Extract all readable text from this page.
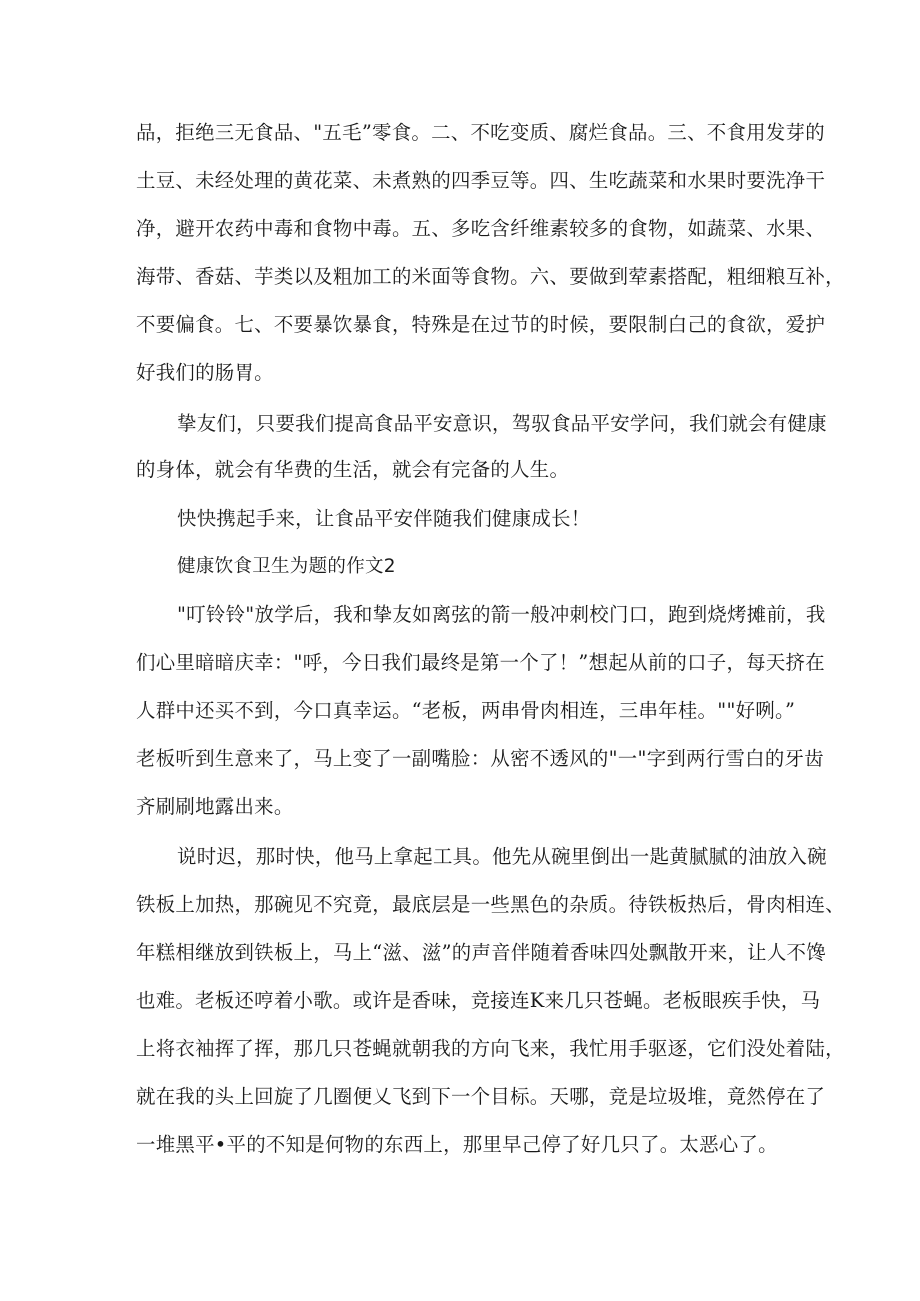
品，拒绝三无食品、"五毛”零食。二、不吃变质、腐烂食品。三、不食用发芽的
土豆、未经处理的黄花菜、未煮熟的四季豆等。四、生吃蔬菜和水果时要洗净干
净，避开农药中毒和食物中毒。五、多吃含纤维素较多的食物，如蔬菜、水果、
海带、香菇、芋类以及粗加工的米面等食物。六、要做到荤素搭配，粗细粮互补，
不要偏食。七、不要暴饮暴食，特殊是在过节的时候，要限制白己的食欲，爱护
好我们的肠胃。
挚友们，只要我们提高食品平安意识，驾驭食品平安学问，我们就会有健康
的身体，就会有华费的生活，就会有完备的人生。
快快携起手来，让食品平安伴随我们健康成长！
健康饮食卫生为题的作文2
"叮铃铃"放学后，我和挚友如离弦的箭一般冲刺校门口，跑到烧烤摊前，我
们心里暗暗庆幸："呼，今日我们最终是第一个了！”想起从前的口子，每天挤在
人群中还买不到，今口真幸运。“老板，两串骨肉相连，三串年桂。""好咧。”
老板听到生意来了，马上变了一副嘴脸：从密不透风的"一"字到两行雪白的牙齿
齐刷刷地露出来。
说时迟，那时快，他马上拿起工具。他先从碗里倒出一匙黄腻腻的油放入碗
铁板上加热，那碗见不究竟，最底层是一些黑色的杂质。待铁板热后，骨肉相连、
年糕相继放到铁板上，马上“滋、滋”的声音伴随着香味四处飘散开来，让人不馋
也难。老板还哼着小歌。或许是香味，竞接连K来几只苍蝇。老板眼疾手快，马
上将衣袖挥了挥，那几只苍蝇就朝我的方向飞来，我忙用手驱逐，它们没处着陆，
就在我的头上回旋了几圈便乂飞到下一个目标。天哪，竞是垃圾堆，竟然停在了
一堆黑平•平的不知是何物的东西上，那里早己停了好几只了。太恶心了。
